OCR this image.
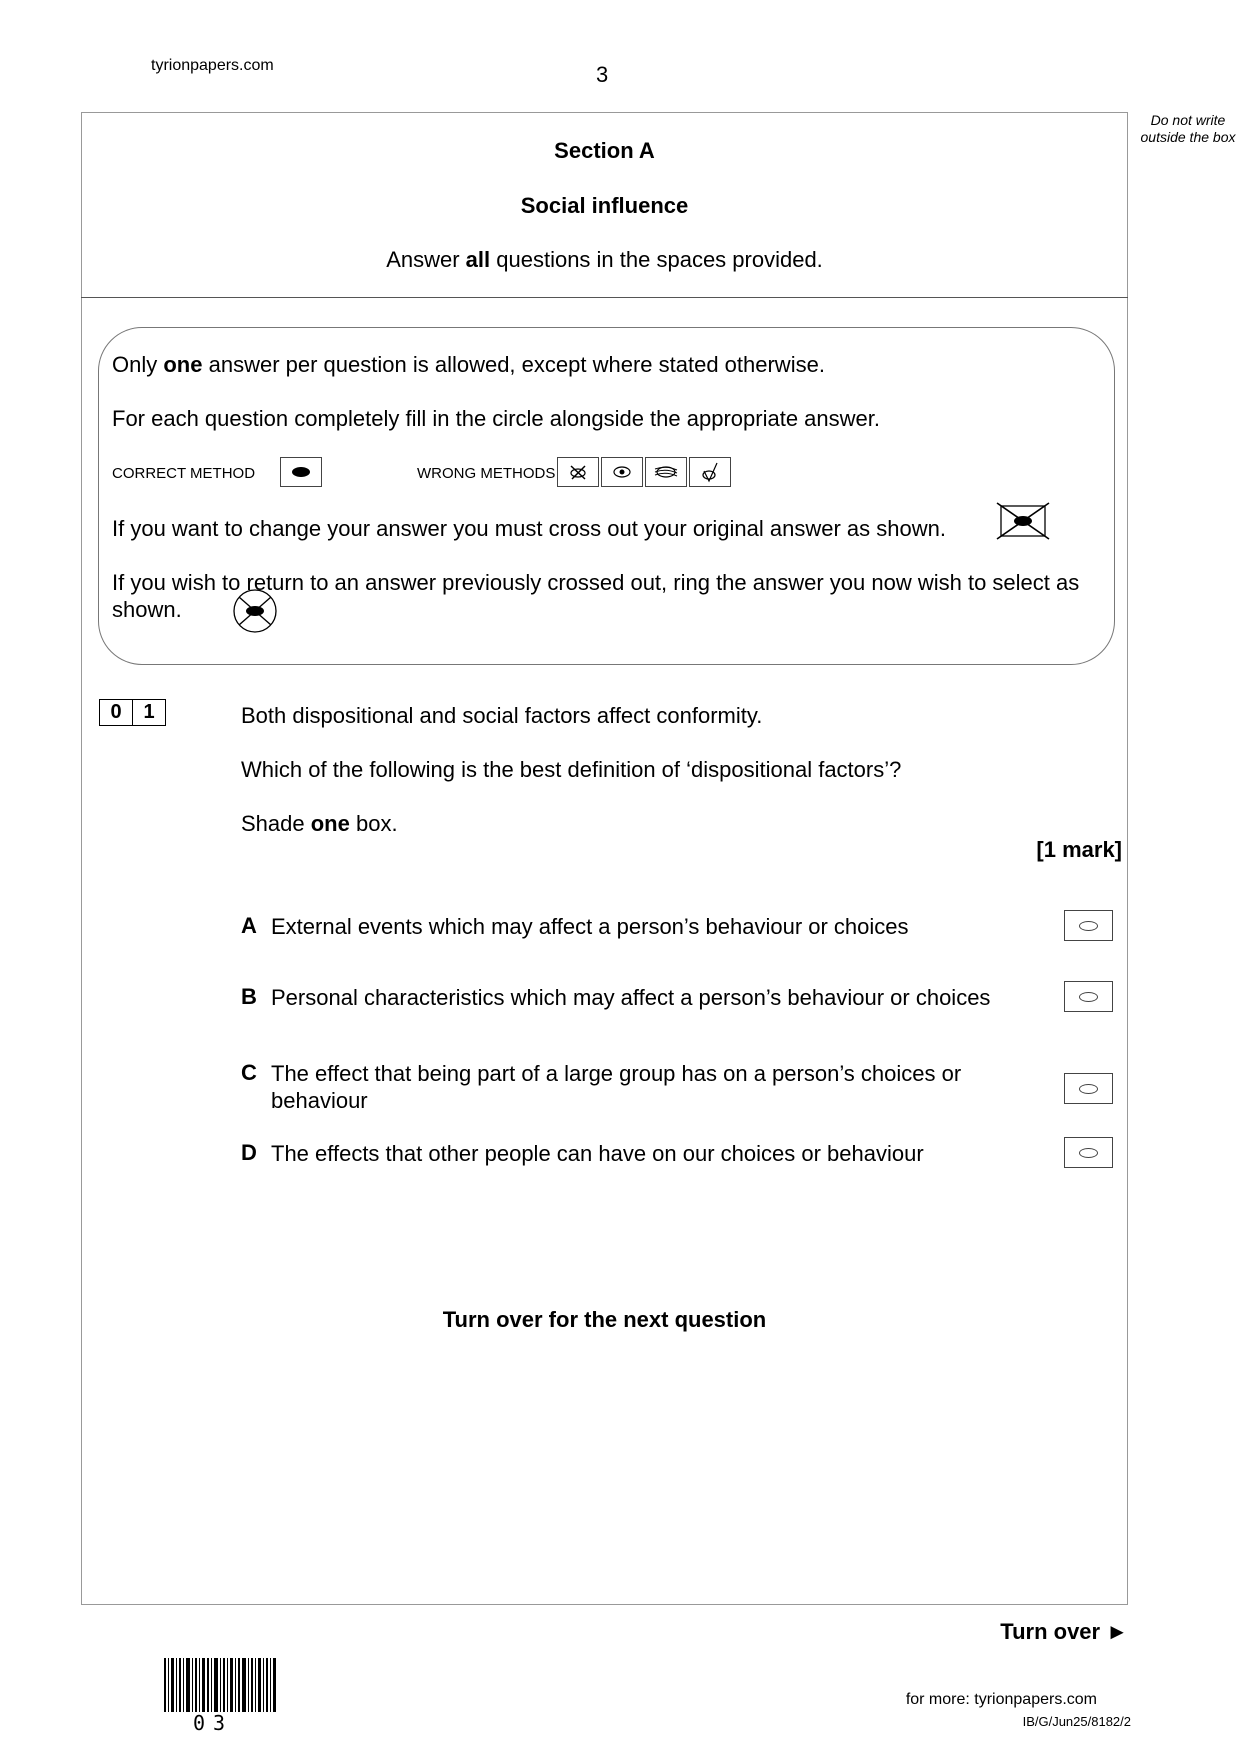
tyrionpapers.com	3
Do not write outside the box
Section A
Social influence
Answer all questions in the spaces provided.
Only one answer per question is allowed, except where stated otherwise.
For each question completely fill in the circle alongside the appropriate answer.
CORRECT METHOD	WRONG METHODS
If you want to change your answer you must cross out your original answer as shown.
If you wish to return to an answer previously crossed out, ring the answer you now wish to select as shown.
0	1	Both dispositional and social factors affect conformity.
Which of the following is the best definition of ‘dispositional factors’?
Shade one box.
[1 mark]
A External events which may affect a person’s behaviour or choices
B Personal characteristics which may affect a person’s behaviour or choices
C The effect that being part of a large group has on a person’s choices or behaviour
D The effects that other people can have on our choices or behaviour
Turn over for the next question
Turn over ►
03
for more: tyrionpapers.com
IB/G/Jun25/8182/2
